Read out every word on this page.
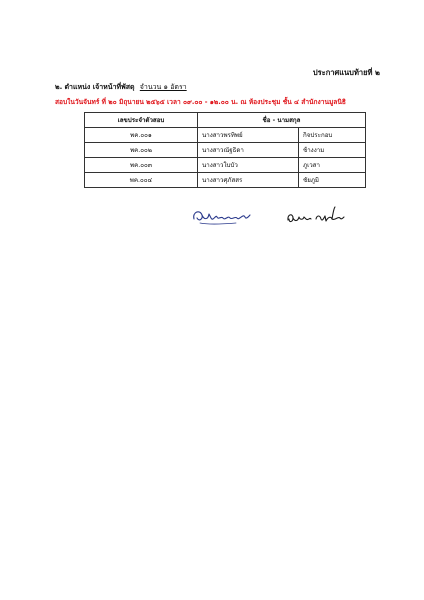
ประกาศแนบท้ายที่ ๒
๒. ตำแหน่ง เจ้าหน้าที่พัสดุ จำนวน ๑ อัตรา
สอบในวันจันทร์ ที่ ๒๐ มิถุนายน ๒๕๖๕ เวลา ๐๙.๐๐ - ๑๒.๐๐ น. ณ ห้องประชุม ชั้น ๔ สำนักงานมูลนิธิ
เลขประจำตัวสอบ	ชื่อ - นามสกุล	
พค.๐๐๑	นางสาวพรทิพย์	กิจประกอบ
พค.๐๐๒	นางสาวณัฐธิดา	ช้างงาม
พค.๐๐๓	นางสาวใบบัว	ภูเวสา
พค.๐๐๔	นางสาวศุภัสสร	ชัยภูมิ
